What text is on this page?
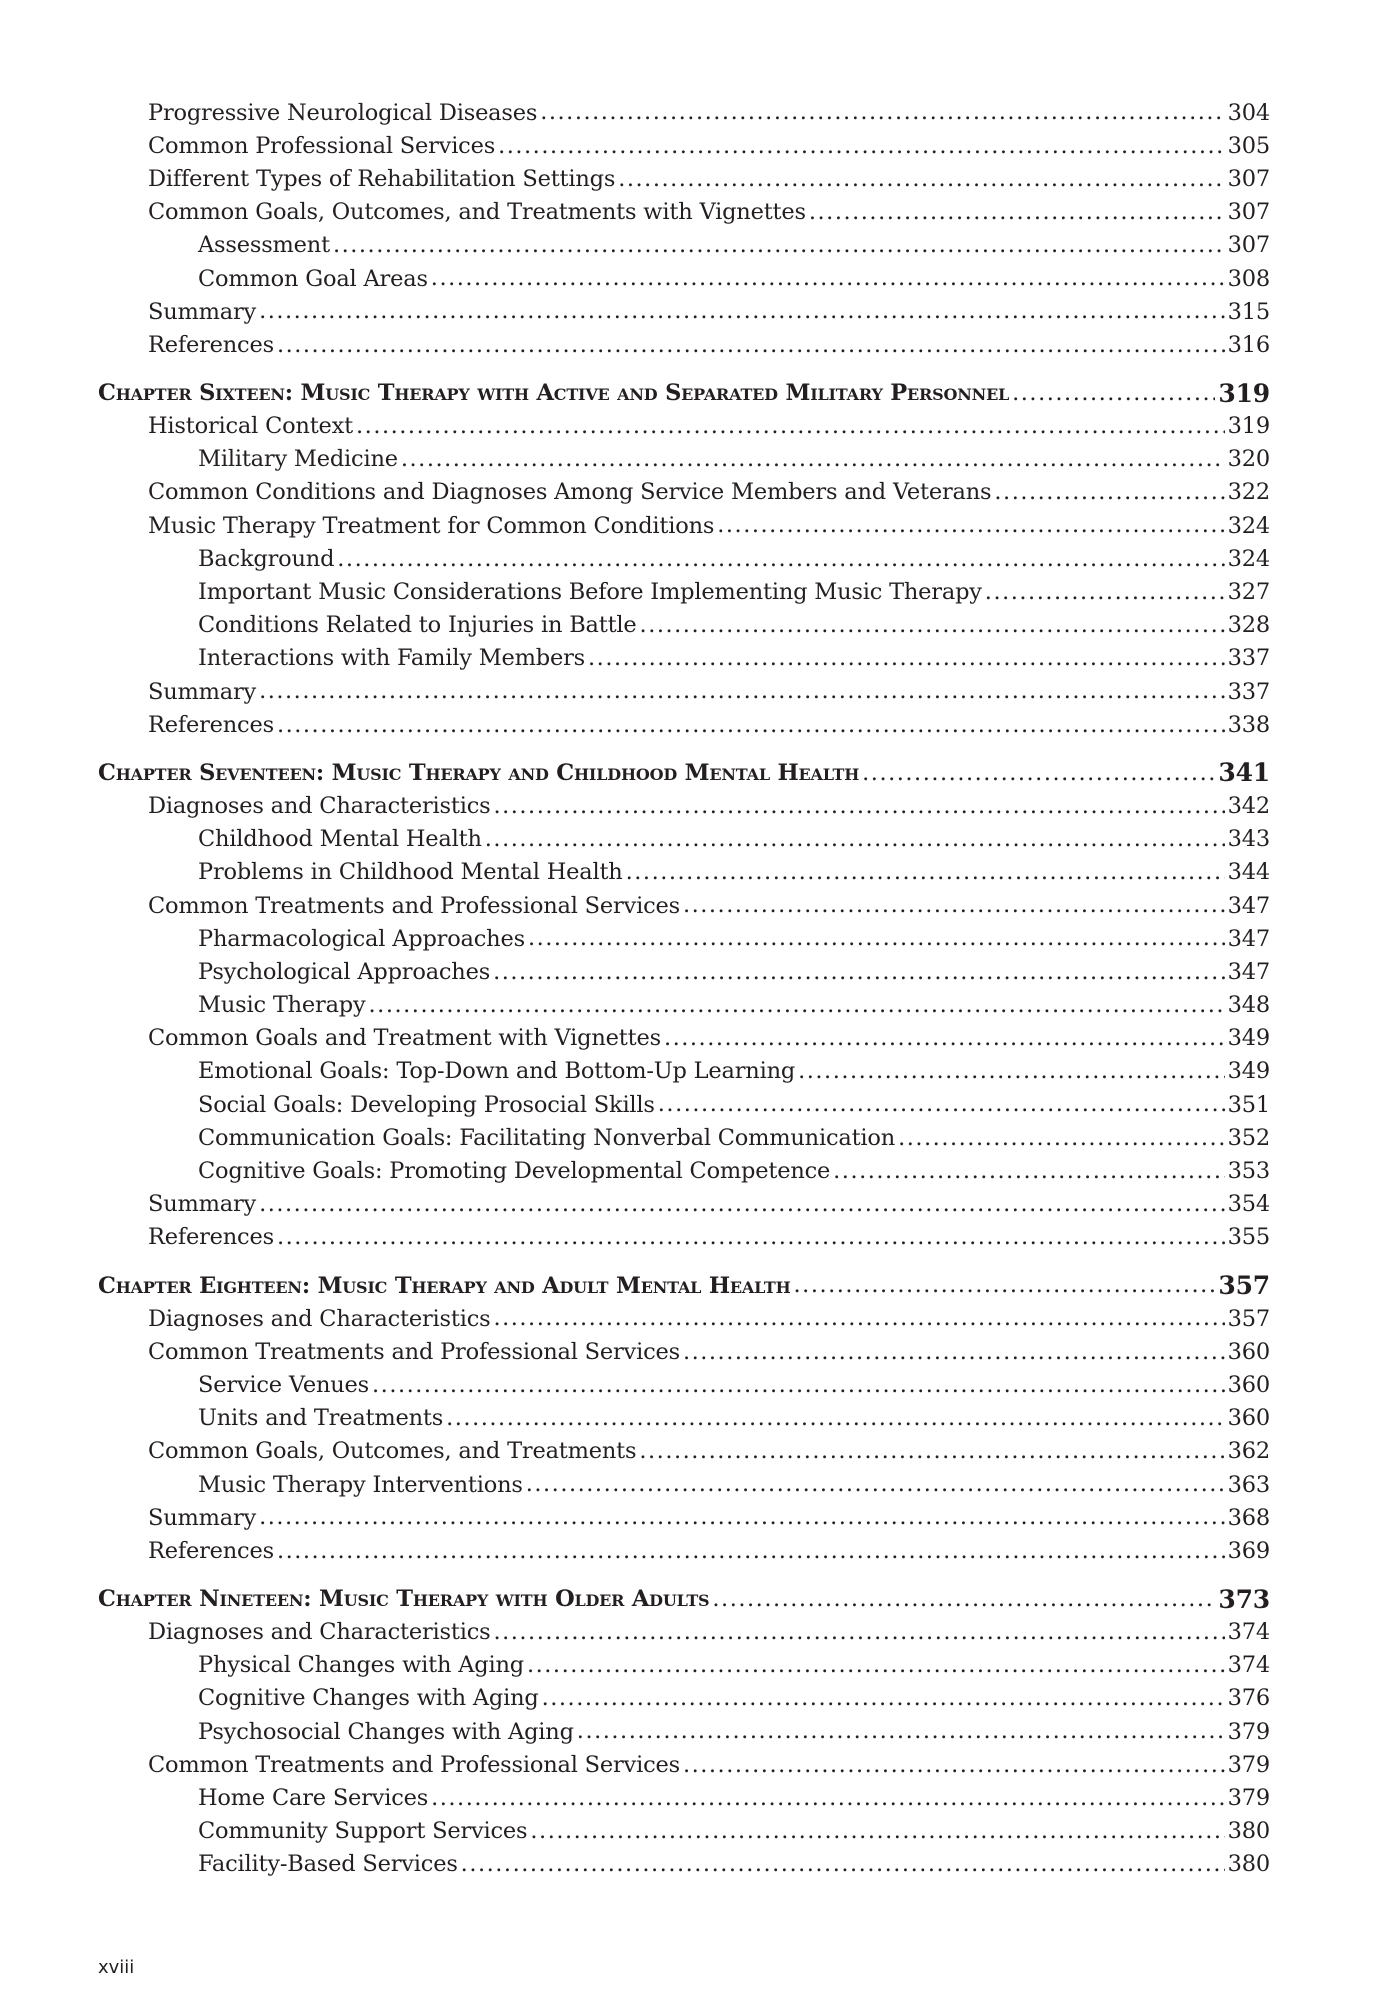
Progressive Neurological Diseases .....	304
Common Professional Services .....	305
Different Types of Rehabilitation Settings .....	307
Common Goals, Outcomes, and Treatments with Vignettes .....	307
Assessment .....	307
Common Goal Areas .....	308
Summary .....	315
References .....	316
Chapter Sixteen: Music Therapy with Active and Separated Military Personnel .....	319
Historical Context .....	319
Military Medicine .....	320
Common Conditions and Diagnoses Among Service Members and Veterans .....	322
Music Therapy Treatment for Common Conditions .....	324
Background .....	324
Important Music Considerations Before Implementing Music Therapy .....	327
Conditions Related to Injuries in Battle .....	328
Interactions with Family Members .....	337
Summary .....	337
References .....	338
Chapter Seventeen: Music Therapy and Childhood Mental Health .....	341
Diagnoses and Characteristics .....	342
Childhood Mental Health .....	343
Problems in Childhood Mental Health .....	344
Common Treatments and Professional Services .....	347
Pharmacological Approaches .....	347
Psychological Approaches .....	347
Music Therapy .....	348
Common Goals and Treatment with Vignettes .....	349
Emotional Goals: Top-Down and Bottom-Up Learning .....	349
Social Goals: Developing Prosocial Skills .....	351
Communication Goals: Facilitating Nonverbal Communication .....	352
Cognitive Goals: Promoting Developmental Competence .....	353
Summary .....	354
References .....	355
Chapter Eighteen: Music Therapy and Adult Mental Health .....	357
Diagnoses and Characteristics .....	357
Common Treatments and Professional Services .....	360
Service Venues .....	360
Units and Treatments .....	360
Common Goals, Outcomes, and Treatments .....	362
Music Therapy Interventions .....	363
Summary .....	368
References .....	369
Chapter Nineteen: Music Therapy with Older Adults .....	373
Diagnoses and Characteristics .....	374
Physical Changes with Aging .....	374
Cognitive Changes with Aging .....	376
Psychosocial Changes with Aging .....	379
Common Treatments and Professional Services .....	379
Home Care Services .....	379
Community Support Services .....	380
Facility-Based Services .....	380
xviii
